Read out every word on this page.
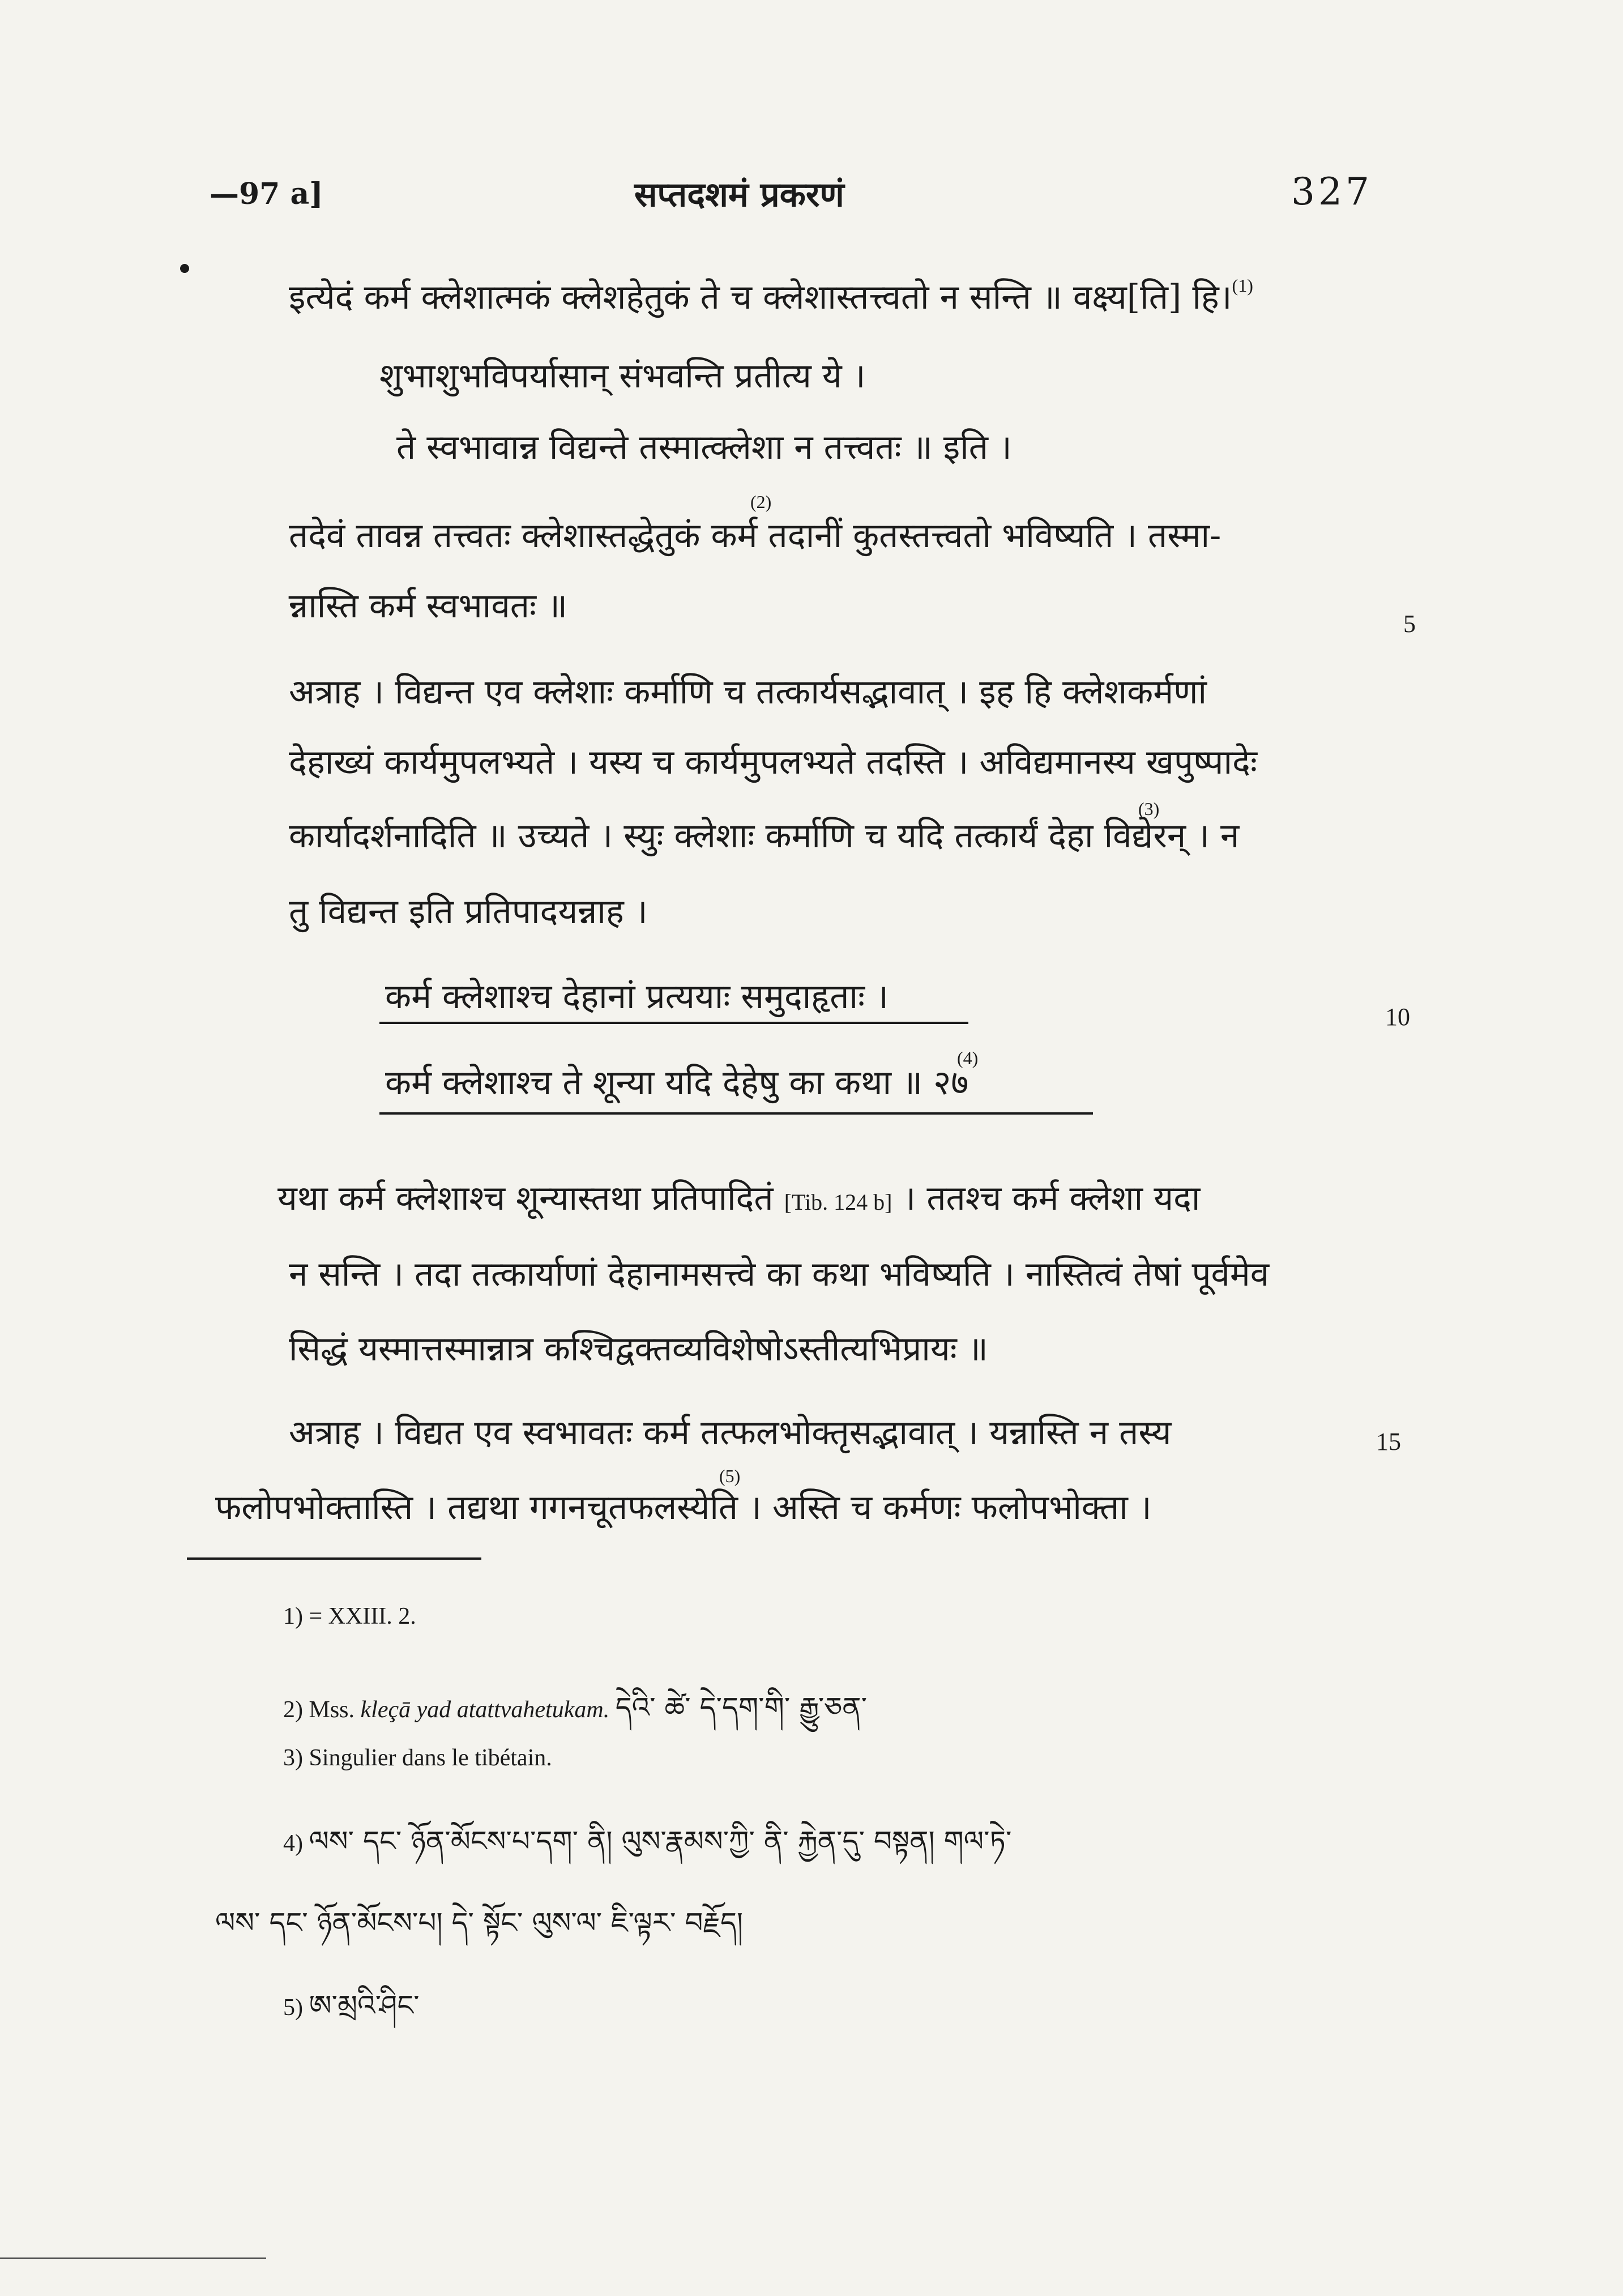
—97 a]	सप्तदशमं प्रकरणं	327
इत्येदं कर्म क्लेशात्मकं क्लेशहेतुकं ते च क्लेशास्तत्त्वतो न सन्ति ॥ वक्ष्य[ति] हि।$^{(1)}$
शुभाशुभविपर्यासान् संभवन्ति प्रतीत्य ये ।
ते स्वभावान्न विद्यन्ते तस्मात्क्लेशा न तत्त्वतः ॥ इति ।
तदेवं तावन्न तत्त्वतः क्लेशास्तद्धेतुकं कर्म तदानीं कुतस्तत्त्वतो भविष्यति । तस्मा-
(2)
न्नास्ति कर्म स्वभावतः ॥	5
अत्राह । विद्यन्त एव क्लेशाः कर्माणि च तत्कार्यसद्भावात् । इह हि क्लेशकर्मणां
देहाख्यं कार्यमुपलभ्यते । यस्य च कार्यमुपलभ्यते तदस्ति । अविद्यमानस्य खपुष्पादेः
कार्यादर्शनादिति ॥ उच्यते । स्युः क्लेशाः कर्माणि च यदि तत्कार्यं देहा विद्येरन् । न
(3)
तु विद्यन्त इति प्रतिपादयन्नाह ।
कर्म क्लेशाश्च देहानां प्रत्ययाः समुदाहृताः ।
10
कर्म क्लेशाश्च ते शून्या यदि देहेषु का कथा ॥ २७
(4)
यथा कर्म क्लेशाश्च शून्यास्तथा प्रतिपादितं [Tib. 124 b] । ततश्च कर्म क्लेशा यदा
न सन्ति । तदा तत्कार्याणां देहानामसत्त्वे का कथा भविष्यति । नास्तित्वं तेषां पूर्वमेव
सिद्धं यस्मात्तस्मान्नात्र कश्चिद्वक्तव्यविशेषोऽस्तीत्यभिप्रायः ॥
अत्राह । विद्यत एव स्वभावतः कर्म तत्फलभोक्तृसद्भावात् । यन्नास्ति न तस्य	15
फलोपभोक्तास्ति । तद्यथा गगनचूतफलस्येति । अस्ति च कर्मणः फलोपभोक्ता ।
(5)
1) = XXIII. 2.
2) Mss. kleçā yad atattvahetukam. དེའི་ ཚེ་ དེ་དག་གི་ རྒྱུ་ཅན་
3) Singulier dans le tibétain.
4) ལས་ དང་ ཉོན་མོངས་པ་དག་ ནི། ལུས་རྣམས་ཀྱི་ ནི་ རྐྱེན་དུ་ བསྟན། གལ་ཏེ་
ལས་ དང་ ཉོན་མོངས་པ། དེ་ སྟོང་ ལུས་ལ་ ཇི་ལྟར་ བརྗོད།
5) ཨ་མྲའི་ཤིང་
